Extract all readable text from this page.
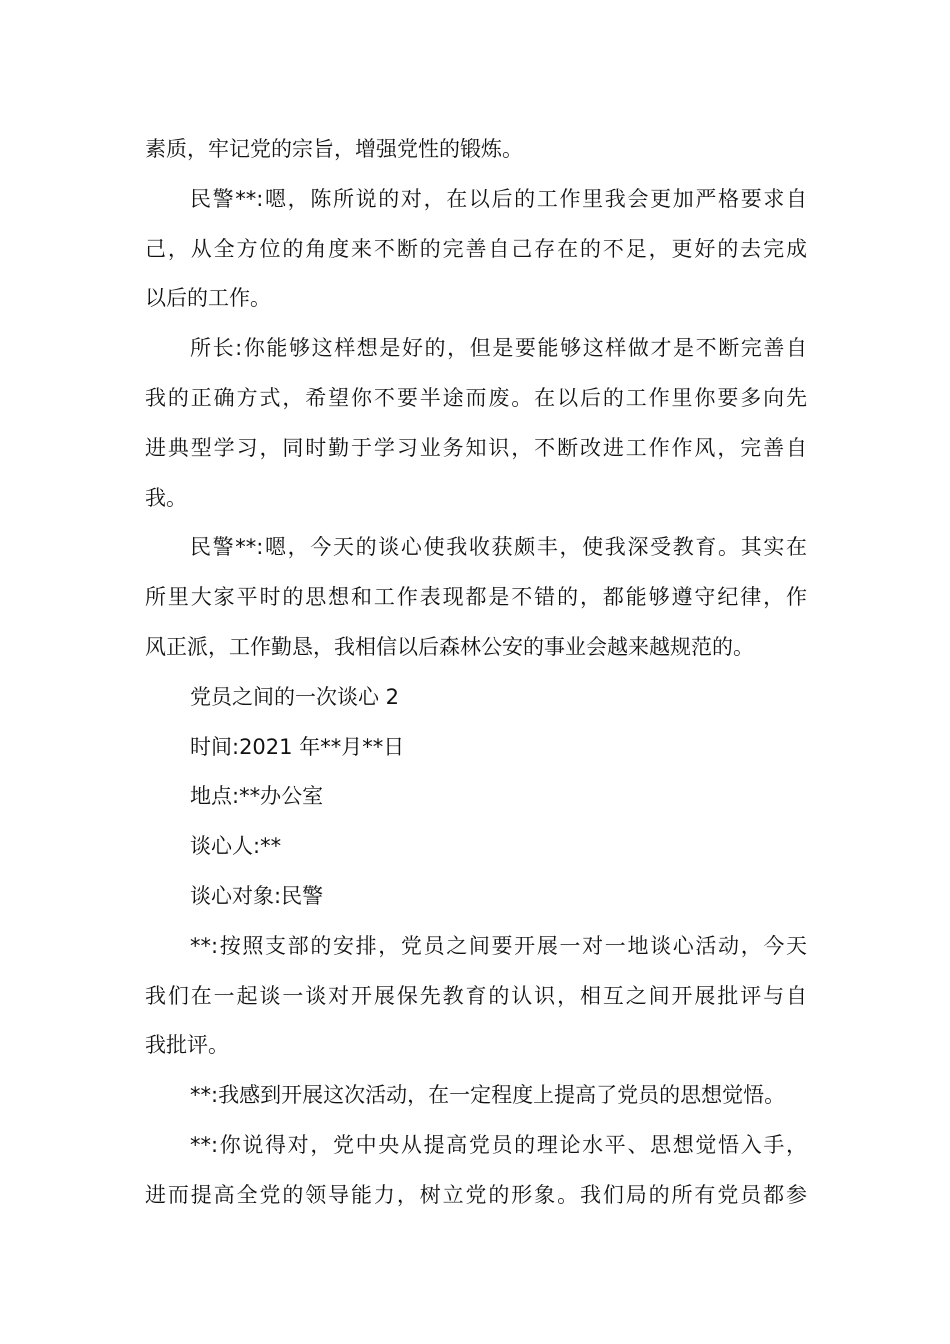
素质，牢记党的宗旨，增强党性的锻炼。
民警**:嗯，陈所说的对，在以后的工作里我会更加严格要求自
己，从全方位的角度来不断的完善自己存在的不足，更好的去完成
以后的工作。
所长:你能够这样想是好的，但是要能够这样做才是不断完善自
我的正确方式，希望你不要半途而废。在以后的工作里你要多向先
进典型学习，同时勤于学习业务知识，不断改进工作作风，完善自
我。
民警**:嗯，今天的谈心使我收获颇丰，使我深受教育。其实在
所里大家平时的思想和工作表现都是不错的，都能够遵守纪律，作
风正派，工作勤恳，我相信以后森林公安的事业会越来越规范的。
党员之间的一次谈心 2
时间:2021 年**月**日
地点:**办公室
谈心人:**
谈心对象:民警
**:按照支部的安排，党员之间要开展一对一地谈心活动，今天
我们在一起谈一谈对开展保先教育的认识，相互之间开展批评与自
我批评。
**:我感到开展这次活动，在一定程度上提高了党员的思想觉悟。
**:你说得对，党中央从提高党员的理论水平、思想觉悟入手，
进而提高全党的领导能力，树立党的形象。我们局的所有党员都参
